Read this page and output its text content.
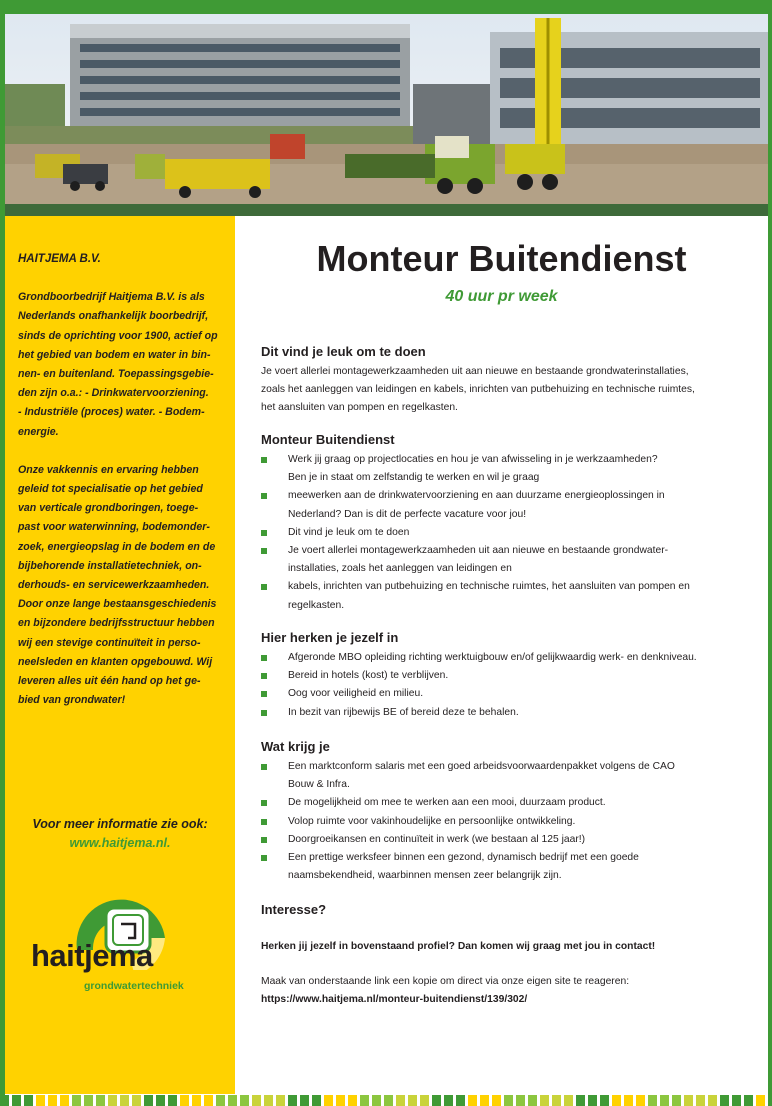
HAITJEMA B.V.
Grondboorbedrijf Haitjema B.V. is als
Nederlands onafhankelijk boorbedrijf,
sinds de oprichting voor 1900, actief op
het gebied van bodem en water in bin-
nen- en buitenland. Toepassingsgebie-
den zijn o.a.: - Drinkwatervoorziening.
- Industriële (proces) water. - Bodem-
energie.
Onze vakkennis en ervaring hebben
geleid tot specialisatie op het gebied
van verticale grondboringen, toege-
past voor waterwinning, bodemonder-
zoek, energieopslag in de bodem en de
bijbehorende installatietechniek, on-
derhouds- en servicewerkzaamheden.
Door onze lange bestaansgeschiedenis
en bijzondere bedrijfsstructuur hebben
wij een stevige continuïteit in perso-
neelsleden en klanten opgebouwd. Wij
leveren alles uit één hand op het ge-
bied van grondwater!
Voor meer informatie zie ook:
www.haitjema.nl.
haitjema
grondwatertechniek
Monteur Buitendienst
40 uur pr week
Dit vind je leuk om te doen
Je voert allerlei montagewerkzaamheden uit aan nieuwe en bestaande grondwaterinstallaties,
zoals het aanleggen van leidingen en kabels, inrichten van putbehuizing en technische ruimtes,
het aansluiten van pompen en regelkasten.
Monteur Buitendienst
Werk jij graag op projectlocaties en hou je van afwisseling in je werkzaamheden?
Ben je in staat om zelfstandig te werken en wil je graag
meewerken aan de drinkwatervoorziening en aan duurzame energieoplossingen in
Nederland? Dan is dit de perfecte vacature voor jou!
Dit vind je leuk om te doen
Je voert allerlei montagewerkzaamheden uit aan nieuwe en bestaande grondwater-
installaties, zoals het aanleggen van leidingen en
kabels, inrichten van putbehuizing en technische ruimtes, het aansluiten van pompen en
regelkasten.
Hier herken je jezelf in
Afgeronde MBO opleiding richting werktuigbouw en/of gelijkwaardig werk- en denkniveau.
Bereid in hotels (kost) te verblijven.
Oog voor veiligheid en milieu.
In bezit van rijbewijs BE of bereid deze te behalen.
Wat krijg je
Een marktconform salaris met een goed arbeidsvoorwaardenpakket volgens de CAO
Bouw & Infra.
De mogelijkheid om mee te werken aan een mooi, duurzaam product.
Volop ruimte voor vakinhoudelijke en persoonlijke ontwikkeling.
Doorgroeikansen en continuïteit in werk (we bestaan al 125 jaar!)
Een prettige werksfeer binnen een gezond, dynamisch bedrijf met een goede
naamsbekendheid, waarbinnen mensen zeer belangrijk zijn.
Interesse?
Herken jij jezelf in bovenstaand profiel? Dan komen wij graag met jou in contact!
Maak van onderstaande link een kopie om direct via onze eigen site te reageren:
https://www.haitjema.nl/monteur-buitendienst/139/302/
